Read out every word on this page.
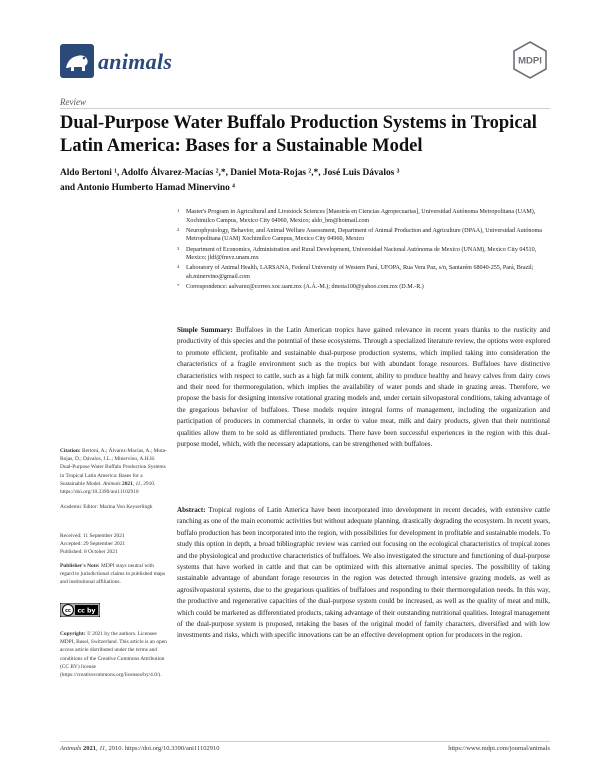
animals	MDPI
Review
Dual-Purpose Water Buffalo Production Systems in Tropical Latin America: Bases for a Sustainable Model
Aldo Bertoni ¹, Adolfo Álvarez-Macías ²,*, Daniel Mota-Rojas ²,*, José Luis Dávalos ³
and Antonio Humberto Hamad Minervino ⁴
1 Master's Program in Agricultural and Livestock Sciences [Maestría en Ciencias Agropecuarias], Universidad Autónoma Metropolitana (UAM), Xochimilco Campus, Mexico City 04960, Mexico; aldo_bm@hotmail.com
2 Neurophysiology, Behavior, and Animal Welfare Assessment, Department of Animal Production and Agriculture (DPAA), Universidad Autónoma Metropolitana (UAM) Xochimilco Campus, Mexico City 04960, Mexico
3 Department of Economics, Administration and Rural Development, Universidad Nacional Autónoma de Mexico (UNAM), Mexico City 04510, Mexico; jldf@fmvz.unam.mx
4 Laboratory of Animal Health, LARSANA, Federal University of Western Pará, UFOPA, Rua Vera Paz, s/n, Santarém 68040-255, Pará, Brazil; ah.minervino@gmail.com
* Correspondence: aalvarez@correo.xoc.uam.mx (A.Á.-M.); dmota100@yahoo.com.mx (D.M.-R.)
Simple Summary: Buffaloes in the Latin American tropics have gained relevance in recent years thanks to the rusticity and productivity of this species and the potential of these ecosystems. Through a specialized literature review, the options were explored to promote efficient, profitable and sustainable dual-purpose production systems, which implied taking into consideration the characteristics of a fragile environment such as the tropics but with abundant forage resources. Buffaloes have distinctive characteristics with respect to cattle, such as a high fat milk content, ability to produce healthy and heavy calves from dairy cows and their need for thermoregulation, which implies the availability of water ponds and shade in grazing areas. Therefore, we propose the basis for designing intensive rotational grazing models and, under certain silvopastoral conditions, taking advantage of the gregarious behavior of buffaloes. These models require integral forms of management, including the organization and participation of producers in commercial channels, in order to value meat, milk and dairy products, given that their nutritional qualities allow them to be sold as differentiated products. There have been successful experiences in the region with this dual-purpose model, which, with the necessary adaptations, can be strengthened with buffaloes.
Abstract: Tropical regions of Latin America have been incorporated into development in recent decades, with extensive cattle ranching as one of the main economic activities but without adequate planning, drastically degrading the ecosystem. In recent years, buffalo production has been incorporated into the region, with possibilities for development in profitable and sustainable models. To study this option in depth, a broad bibliographic review was carried out focusing on the ecological characteristics of tropical zones and the physiological and productive characteristics of buffaloes. We also investigated the structure and functioning of dual-purpose systems that have worked in cattle and that can be optimized with this alternative animal species. The possibility of taking sustainable advantage of abundant forage resources in the region was detected through intensive grazing models, as well as agrosilvopastoral systems, due to the gregarious qualities of buffaloes and responding to their thermoregulation needs. In this way, the productive and regenerative capacities of the dual-purpose system could be increased, as well as the quality of meat and milk, which could be marketed as differentiated products, taking advantage of their outstanding nutritional qualities. Integral management of the dual-purpose system is proposed, retaking the bases of the original model of family characters, diversified and with low investments and risks, which with specific innovations can be an effective development option for producers in the region.
Citation: Bertoni, A.; Álvarez-Macías, A.; Mota-Rojas, D.; Dávalos, J.L.; Minervino, A.H.H. Dual-Purpose Water Buffalo Production Systems in Tropical Latin America: Bases for a Sustainable Model. Animals 2021, 11, 2910. https://doi.org/10.3390/ani11102910
Academic Editor: Marina Von Keyserlingk
Received: 11 September 2021
Accepted: 29 September 2021
Published: 8 October 2021
Publisher's Note: MDPI stays neutral with regard to jurisdictional claims in published maps and institutional affiliations.
cc cc by
Copyright: © 2021 by the authors. Licensee MDPI, Basel, Switzerland. This article is an open access article distributed under the terms and conditions of the Creative Commons Attribution (CC BY) license (https://creativecommons.org/licenses/by/4.0/).
Animals 2021, 11, 2910. https://doi.org/10.3390/ani11102910	https://www.mdpi.com/journal/animals
